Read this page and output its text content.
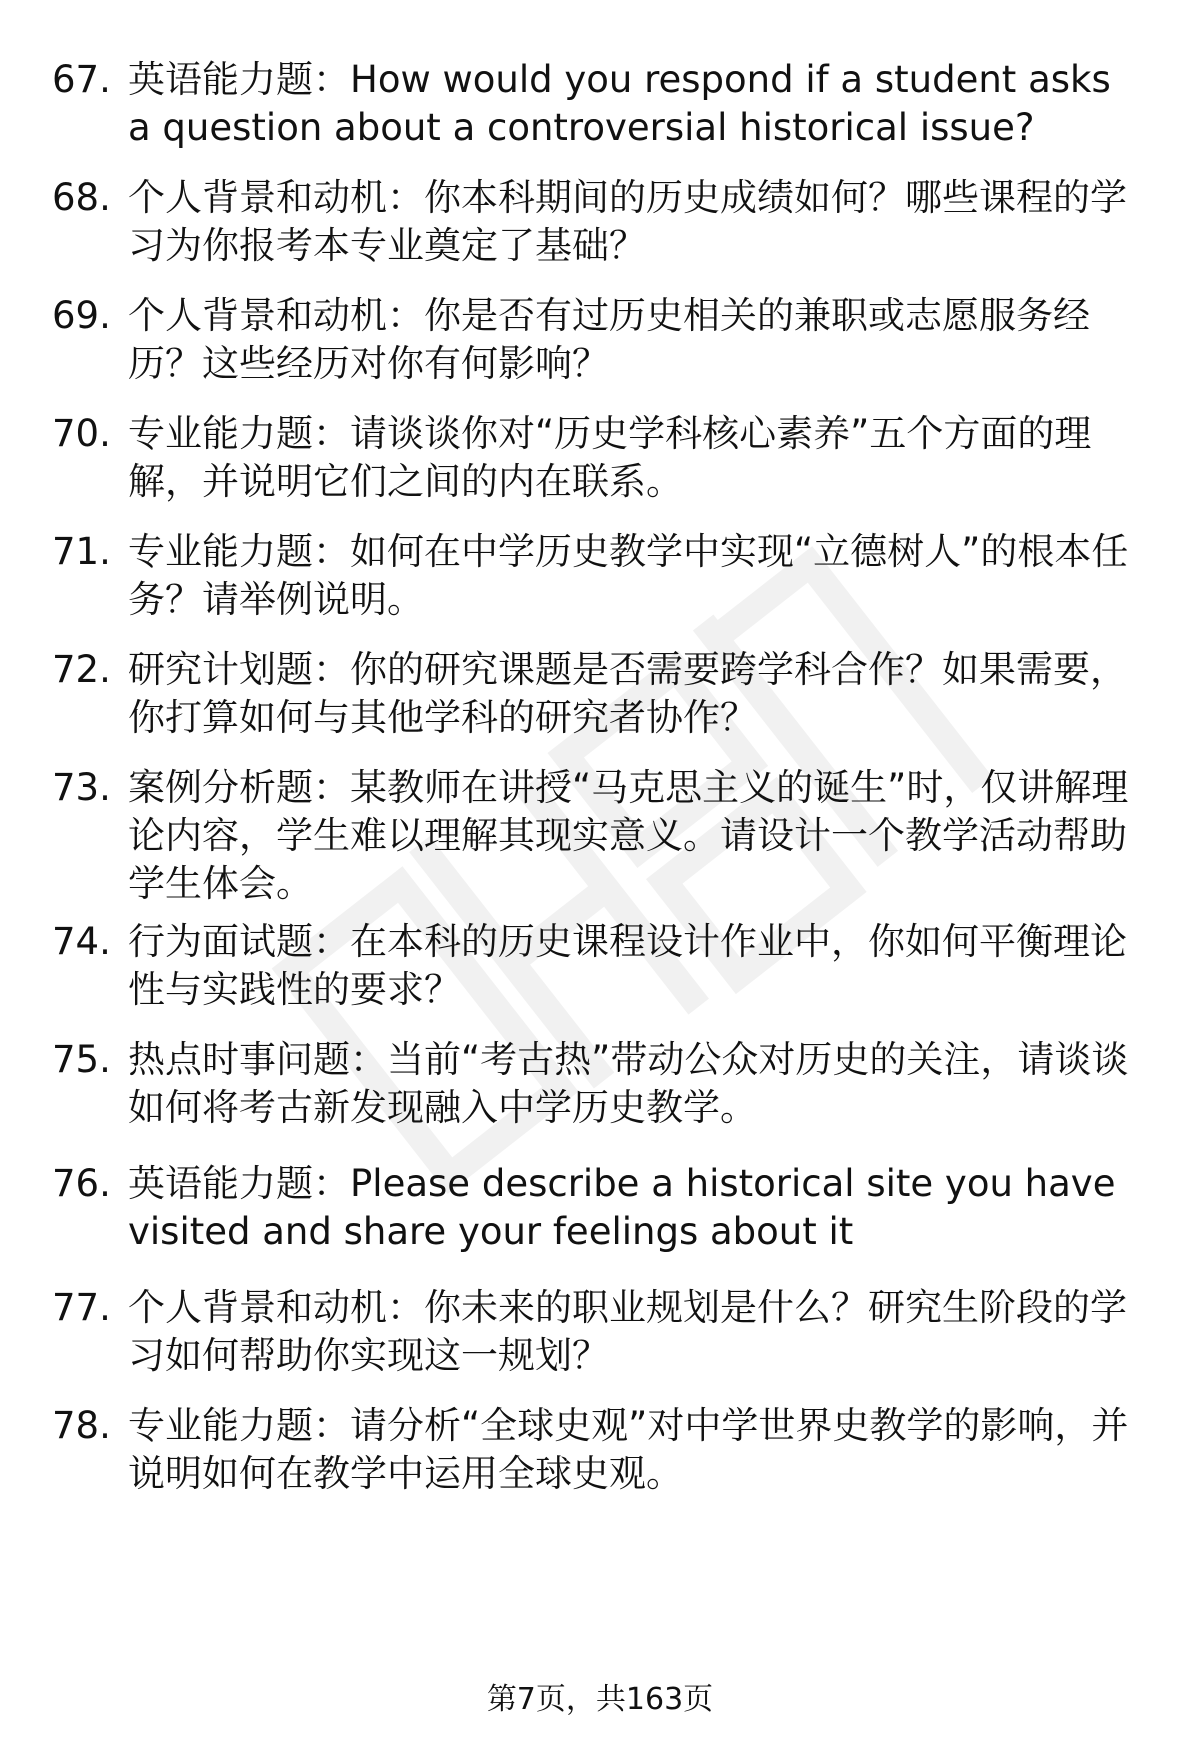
67. 英语能力题：How would you respond if a student asks a question about a controversial historical issue?
68. 个人背景和动机：你本科期间的历史成绩如何？哪些课程的学习为你报考本专业奠定了基础？
69. 个人背景和动机：你是否有过历史相关的兼职或志愿服务经历？这些经历对你有何影响？
70. 专业能力题：请谈谈你对“历史学科核心素养”五个方面的理解，并说明它们之间的内在联系。
71. 专业能力题：如何在中学历史教学中实现“立德树人”的根本任务？请举例说明。
72. 研究计划题：你的研究课题是否需要跨学科合作？如果需要，你打算如何与其他学科的研究者协作？
73. 案例分析题：某教师在讲授“马克思主义的诞生”时，仅讲解理论内容，学生难以理解其现实意义。请设计一个教学活动帮助学生体会。
74. 行为面试题：在本科的历史课程设计作业中，你如何平衡理论性与实践性的要求？
75. 热点时事问题：当前“考古热”带动公众对历史的关注，请谈谈如何将考古新发现融入中学历史教学。
76. 英语能力题：Please describe a historical site you have visited and share your feelings about it
77. 个人背景和动机：你未来的职业规划是什么？研究生阶段的学习如何帮助你实现这一规划？
78. 专业能力题：请分析“全球史观”对中学世界史教学的影响，并说明如何在教学中运用全球史观。
第7页，共163页
